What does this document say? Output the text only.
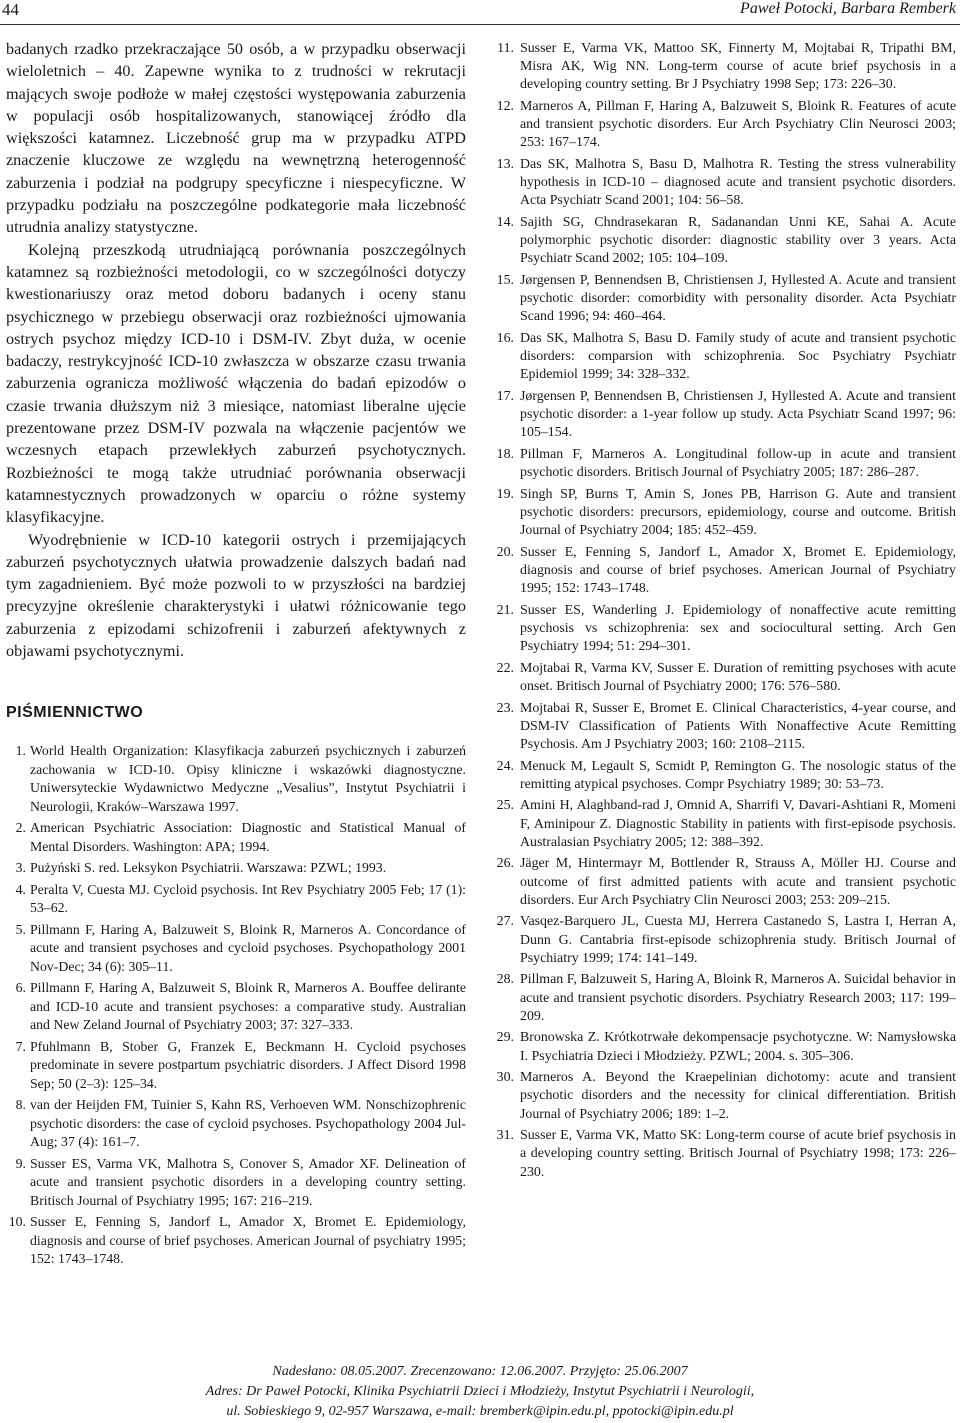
44	Paweł Potocki, Barbara Remberk

badanych rzadko przekraczające 50 osób, a w przypadku obserwacji wieloletnich – 40. Zapewne wynika to z trudności w rekrutacji mających swoje podłoże w małej częstości występowania zaburzenia w populacji osób hospitalizowanych, stanowiącej źródło dla większości katamnez. Liczebność grup ma w przypadku ATPD znaczenie kluczowe ze względu na wewnętrzną heterogenność zaburzenia i podział na podgrupy specyficzne i niespecyficzne. W przypadku podziału na poszczególne podkategorie mała liczebność utrudnia analizy statystyczne.

Kolejną przeszkodą utrudniającą porównania poszczególnych katamnez są rozbieżności metodologii, co w szczególności dotyczy kwestionariuszy oraz metod doboru badanych i oceny stanu psychicznego w przebiegu obserwacji oraz rozbieżności ujmowania ostrych psychoz między ICD-10 i DSM-IV. Zbyt duża, w ocenie badaczy, restrykcyjność ICD-10 zwłaszcza w obszarze czasu trwania zaburzenia ogranicza możliwość włączenia do badań epizodów o czasie trwania dłuższym niż 3 miesiące, natomiast liberalne ujęcie prezentowane przez DSM-IV pozwala na włączenie pacjentów we wczesnych etapach przewlekłych zaburzeń psychotycznych. Rozbieżności te mogą także utrudniać porównania obserwacji katamnestycznych prowadzonych w oparciu o różne systemy klasyfikacyjne.

Wyodrębnienie w ICD-10 kategorii ostrych i przemijających zaburzeń psychotycznych ułatwia prowadzenie dalszych badań nad tym zagadnieniem. Być może pozwoli to w przyszłości na bardziej precyzyjne określenie charakterystyki i ułatwi różnicowanie tego zaburzenia z epizodami schizofrenii i zaburzeń afektywnych z objawami psychotycznymi.

PIŚMIENNICTWO
1. World Health Organization: Klasyfikacja zaburzeń psychicznych i zaburzeń zachowania w ICD-10. Opisy kliniczne i wskazówki diagnostyczne. Uniwersyteckie Wydawnictwo Medyczne „Vesalius”, Instytut Psychiatrii i Neurologii, Kraków–Warszawa 1997.
2. American Psychiatric Association: Diagnostic and Statistical Manual of Mental Disorders. Washington: APA; 1994.
3. Pużyński S. red. Leksykon Psychiatrii. Warszawa: PZWL; 1993.
4. Peralta V, Cuesta MJ. Cycloid psychosis. Int Rev Psychiatry 2005 Feb; 17 (1): 53–62.
5. Pillmann F, Haring A, Balzuweit S, Bloink R, Marneros A. Concordance of acute and transient psychoses and cycloid psychoses. Psychopathology 2001 Nov-Dec; 34 (6): 305–11.
6. Pillmann F, Haring A, Balzuweit S, Bloink R, Marneros A. Bouffee delirante and ICD-10 acute and transient psychoses: a comparative study. Australian and New Zeland Journal of Psychiatry 2003; 37: 327–333.
7. Pfuhlmann B, Stober G, Franzek E, Beckmann H. Cycloid psychoses predominate in severe postpartum psychiatric disorders. J Affect Disord 1998 Sep; 50 (2–3): 125–34.
8. van der Heijden FM, Tuinier S, Kahn RS, Verhoeven WM. Nonschizophrenic psychotic disorders: the case of cycloid psychoses. Psychopathology 2004 Jul-Aug; 37 (4): 161–7.
9. Susser ES, Varma VK, Malhotra S, Conover S, Amador XF. Delineation of acute and transient psychotic disorders in a developing country setting. Britisch Journal of Psychiatry 1995; 167: 216–219.
10. Susser E, Fenning S, Jandorf L, Amador X, Bromet E. Epidemiology, diagnosis and course of brief psychoses. American Journal of psychiatry 1995; 152: 1743–1748.
11. Susser E, Varma VK, Mattoo SK, Finnerty M, Mojtabai R, Tripathi BM, Misra AK, Wig NN. Long-term course of acute brief psychosis in a developing country setting. Br J Psychiatry 1998 Sep; 173: 226–30.
12. Marneros A, Pillman F, Haring A, Balzuweit S, Bloink R. Features of acute and transient psychotic disorders. Eur Arch Psychiatry Clin Neurosci 2003; 253: 167–174.
13. Das SK, Malhotra S, Basu D, Malhotra R. Testing the stress vulnerability hypothesis in ICD-10 – diagnosed acute and transient psychotic disorders. Acta Psychiatr Scand 2001; 104: 56–58.
14. Sajith SG, Chndrasekaran R, Sadanandan Unni KE, Sahai A. Acute polymorphic psychotic disorder: diagnostic stability over 3 years. Acta Psychiatr Scand 2002; 105: 104–109.
15. Jørgensen P, Bennendsen B, Christiensen J, Hyllested A. Acute and transient psychotic disorder: comorbidity with personality disorder. Acta Psychiatr Scand 1996; 94: 460–464.
16. Das SK, Malhotra S, Basu D. Family study of acute and transient psychotic disorders: comparsion with schizophrenia. Soc Psychiatry Psychiatr Epidemiol 1999; 34: 328–332.
17. Jørgensen P, Bennendsen B, Christiensen J, Hyllested A. Acute and transient psychotic disorder: a 1-year follow up study. Acta Psychiatr Scand 1997; 96: 105–154.
18. Pillman F, Marneros A. Longitudinal follow-up in acute and transient psychotic disorders. Britisch Journal of Psychiatry 2005; 187: 286–287.
19. Singh SP, Burns T, Amin S, Jones PB, Harrison G. Aute and transient psychotic disorders: precursors, epidemiology, course and outcome. British Journal of Psychiatry 2004; 185: 452–459.
20. Susser E, Fenning S, Jandorf L, Amador X, Bromet E. Epidemiology, diagnosis and course of brief psychoses. American Journal of Psychiatry 1995; 152: 1743–1748.
21. Susser ES, Wanderling J. Epidemiology of nonaffective acute remitting psychosis vs schizophrenia: sex and sociocultural setting. Arch Gen Psychiatry 1994; 51: 294–301.
22. Mojtabai R, Varma KV, Susser E. Duration of remitting psychoses with acute onset. Britisch Journal of Psychiatry 2000; 176: 576–580.
23. Mojtabai R, Susser E, Bromet E. Clinical Characteristics, 4-year course, and DSM-IV Classification of Patients With Nonaffective Acute Remitting Psychosis. Am J Psychiatry 2003; 160: 2108–2115.
24. Menuck M, Legault S, Scmidt P, Remington G. The nosologic status of the remitting atypical psychoses. Compr Psychiatry 1989; 30: 53–73.
25. Amini H, Alaghband-rad J, Omnid A, Sharrifi V, Davari-Ashtiani R, Momeni F, Aminipour Z. Diagnostic Stability in patients with first-episode psychosis. Australasian Psychiatry 2005; 12: 388–392.
26. Jäger M, Hintermayr M, Bottlender R, Strauss A, Möller HJ. Course and outcome of first admitted patients with acute and transient psychotic disorders. Eur Arch Psychiatry Clin Neurosci 2003; 253: 209–215.
27. Vasqez-Barquero JL, Cuesta MJ, Herrera Castanedo S, Lastra I, Herran A, Dunn G. Cantabria first-episode schizophrenia study. Britisch Journal of Psychiatry 1999; 174: 141–149.
28. Pillman F, Balzuweit S, Haring A, Bloink R, Marneros A. Suicidal behavior in acute and transient psychotic disorders. Psychiatry Research 2003; 117: 199–209.
29. Bronowska Z. Krótkotrwałe dekompensacje psychotyczne. W: Namysłowska I. Psychiatria Dzieci i Młodzieży. PZWL; 2004. s. 305–306.
30. Marneros A. Beyond the Kraepelinian dichotomy: acute and transient psychotic disorders and the necessity for clinical differentiation. British Journal of Psychiatry 2006; 189: 1–2.
31. Susser E, Varma VK, Matto SK: Long-term course of acute brief psychosis in a developing country setting. Britisch Journal of Psychiatry 1998; 173: 226–230.
Nadesłano: 08.05.2007. Zrecenzowano: 12.06.2007. Przyjęto: 25.06.2007
Adres: Dr Paweł Potocki, Klinika Psychiatrii Dzieci i Młodzieży, Instytut Psychiatrii i Neurologii,
ul. Sobieskiego 9, 02-957 Warszawa, e-mail: bremberk@ipin.edu.pl, ppotocki@ipin.edu.pl
